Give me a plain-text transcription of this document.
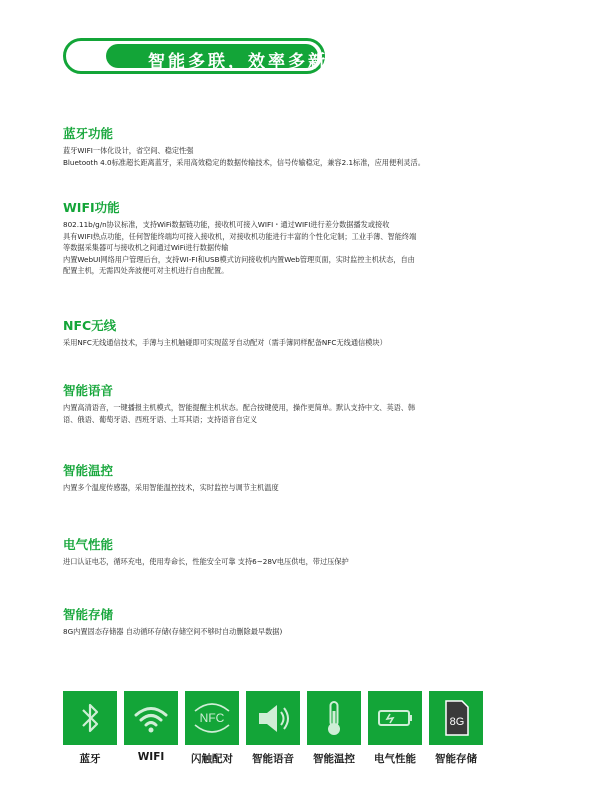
智能多联，效率多新

蓝牙功能

蓝牙WIFI一体化设计，省空间、稳定性强

Bluetooth 4.0标准超长距离蓝牙，采用高效稳定的数据传输技术，信号传输稳定，兼容2.1标准，应用便利灵活。

WIFI功能

802.11b/g/n协议标准，支持WiFi数据链功能，接收机可接入WIFI・通过WIFI进行差分数据播发或接收

具有WIFI热点功能，任何智能终端均可接入接收机，对接收机功能进行丰富的个性化定制；工业手薄、智能终端

等数据采集器可与接收机之间通过WiFi进行数据传输

内置WebUI网络用户管理后台，支持WI-FI和USB模式访问接收机内置Web管理页面，实时监控主机状态，自由

配置主机，无需四处奔波便可对主机进行自由配置。

NFC无线

采用NFC无线通信技术，手薄与主机触碰即可实现蓝牙自动配对（需手簿同样配备NFC无线通信模块）

智能语音

内置高清语音，一键播报主机模式，智能提醒主机状态。配合按键使用，操作更简单。默认支持中文、英语、韩

语、俄语、葡萄牙语、西班牙语、土耳其语；支持语音自定义

智能温控

内置多个温度传感器，采用智能温控技术，实时监控与调节主机温度

电气性能

进口认证电芯，循环充电，使用寿命长，性能安全可靠 支持6~28V电压供电，带过压保护

智能存储

8G内置固态存储器 自动循环存储(存储空间不够时自动删除最早数据)

蓝牙	WIFI
NFC
闪触配对	智能语音	智能温控	电气性能
8G
智能存储
